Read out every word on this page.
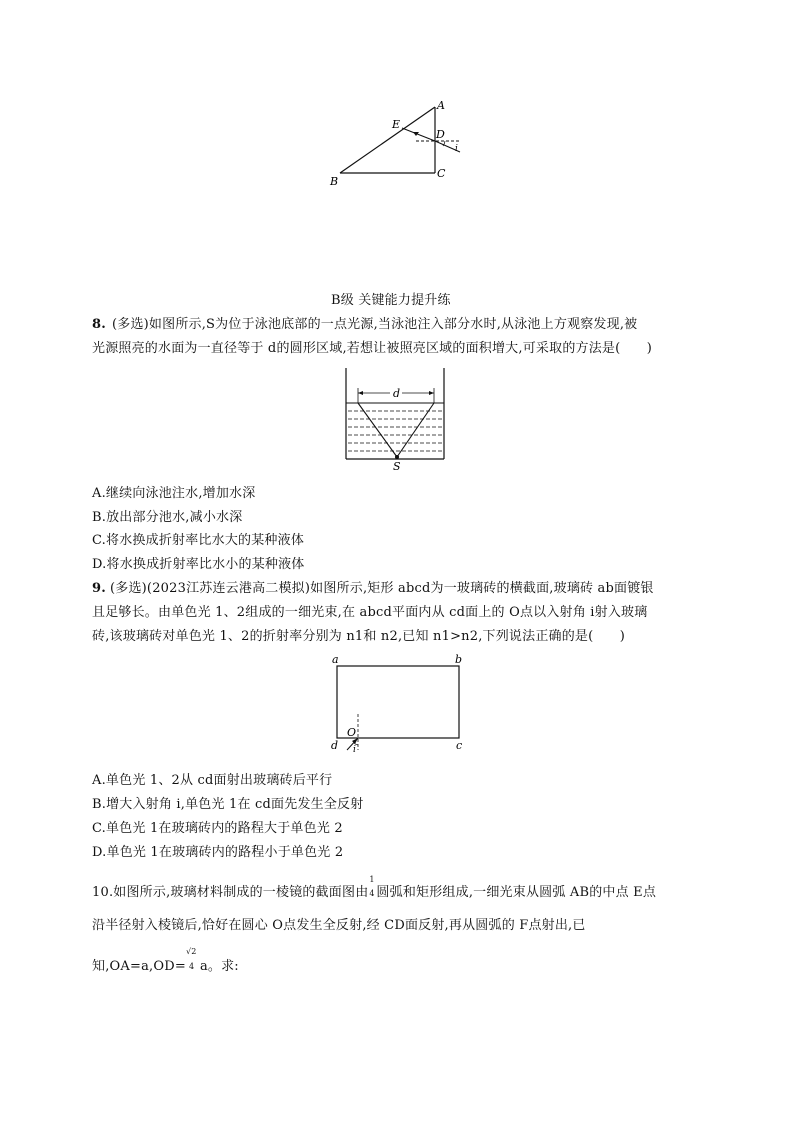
A
B
C
D
E
i
B级 关键能力提升练
8. (多选)如图所示,S为位于泳池底部的一点光源,当泳池注入部分水时,从泳池上方观察发现,被
光源照亮的水面为一直径等于 d的圆形区域,若想让被照亮区域的面积增大,可采取的方法是(　　)
d
S
A.继续向泳池注水,增加水深
B.放出部分池水,减小水深
C.将水换成折射率比水大的某种液体
D.将水换成折射率比水小的某种液体
9. (多选)(2023江苏连云港高二模拟)如图所示,矩形 abcd为一玻璃砖的横截面,玻璃砖 ab面镀银
且足够长。由单色光 1、2组成的一细光束,在 abcd平面内从 cd面上的 O点以入射角 i射入玻璃
砖,该玻璃砖对单色光 1、2的折射率分别为 n1和 n2,已知 n1>n2,下列说法正确的是(　　)
a	b
c
d
O
i
A.单色光 1、2从 cd面射出玻璃砖后平行
B.增大入射角 i,单色光 1在 cd面先发生全反射
C.单色光 1在玻璃砖内的路程大于单色光 2
D.单色光 1在玻璃砖内的路程小于单色光 2
10.如图所示,玻璃材料制成的一棱镜的截面图由
1
4 圆弧和矩形组成,一细光束从圆弧 AB的中点 E点
沿半径射入棱镜后,恰好在圆心 O点发生全反射,经 CD面反射,再从圆弧的 F点射出,已
知,OA=a,OD=
√2
4 a。求:
